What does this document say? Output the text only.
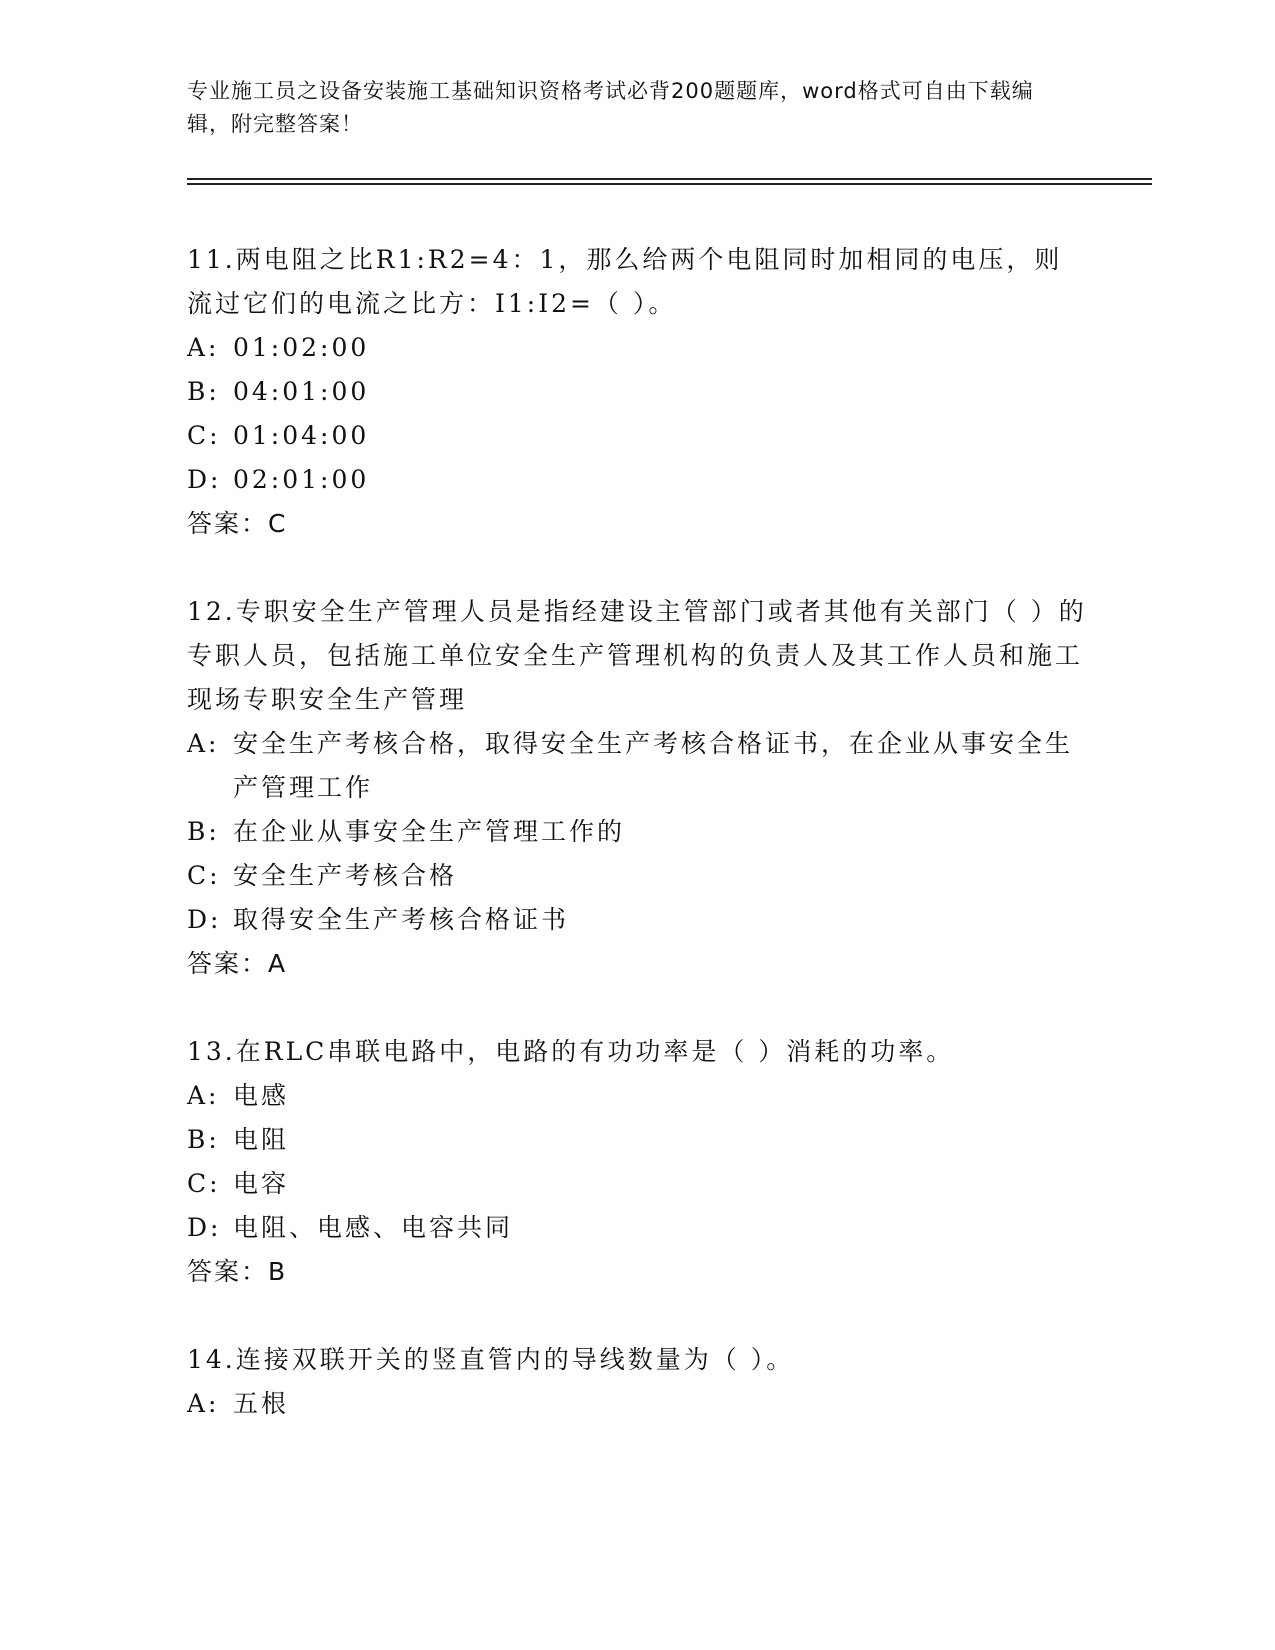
专业施工员之设备安装施工基础知识资格考试必背200题题库，word格式可自由下载编辑，附完整答案！

11.两电阻之比R1:R2=4：1，那么给两个电阻同时加相同的电压，则流过它们的电流之比方：I1:I2=（ ）。

A: 01:02:00
B: 04:01:00
C: 01:04:00
D: 02:01:00

答案：C

12.专职安全生产管理人员是指经建设主管部门或者其他有关部门（ ）的专职人员，包括施工单位安全生产管理机构的负责人及其工作人员和施工现场专职安全生产管理

A: 安全生产考核合格，取得安全生产考核合格证书，在企业从事安全生产管理工作
B: 在企业从事安全生产管理工作的
C: 安全生产考核合格
D: 取得安全生产考核合格证书

答案：A

13.在RLC串联电路中，电路的有功功率是（ ）消耗的功率。

A: 电感
B: 电阻
C: 电容
D: 电阻、电感、电容共同

答案：B

14.连接双联开关的竖直管内的导线数量为（ ）。

A: 五根
